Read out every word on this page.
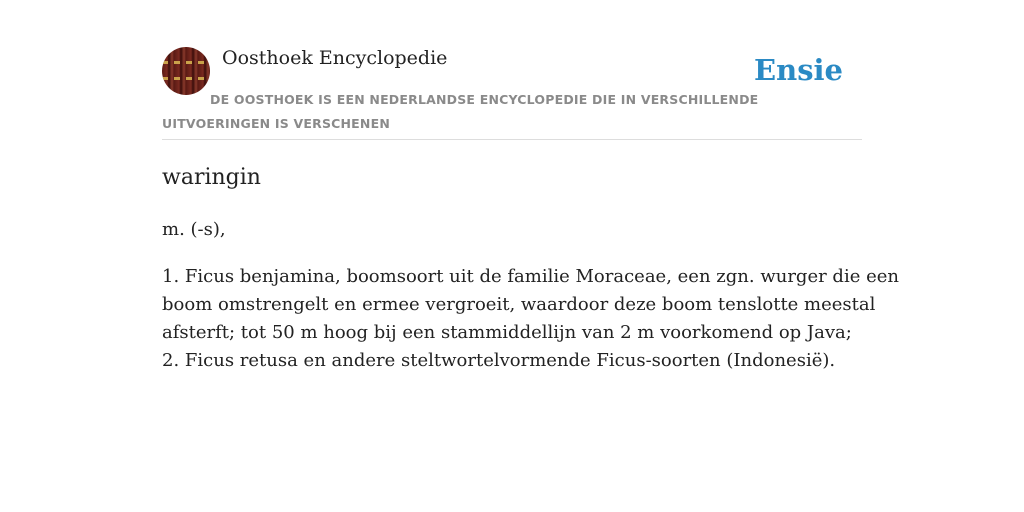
Oosthoek Encyclopedie	Ensie
DE OOSTHOEK IS EEN NEDERLANDSE ENCYCLOPEDIE DIE IN VERSCHILLENDE UITVOERINGEN IS VERSCHENEN
waringin
m. (-s),
1. Ficus benjamina, boomsoort uit de familie Moraceae, een zgn. wurger die een
boom omstrengelt en ermee vergroeit, waardoor deze boom tenslotte meestal
afsterft; tot 50 m hoog bij een stammiddellijn van 2 m voorkomend op Java;
2. Ficus retusa en andere steltwortelvormende Ficus-soorten (Indonesië).
